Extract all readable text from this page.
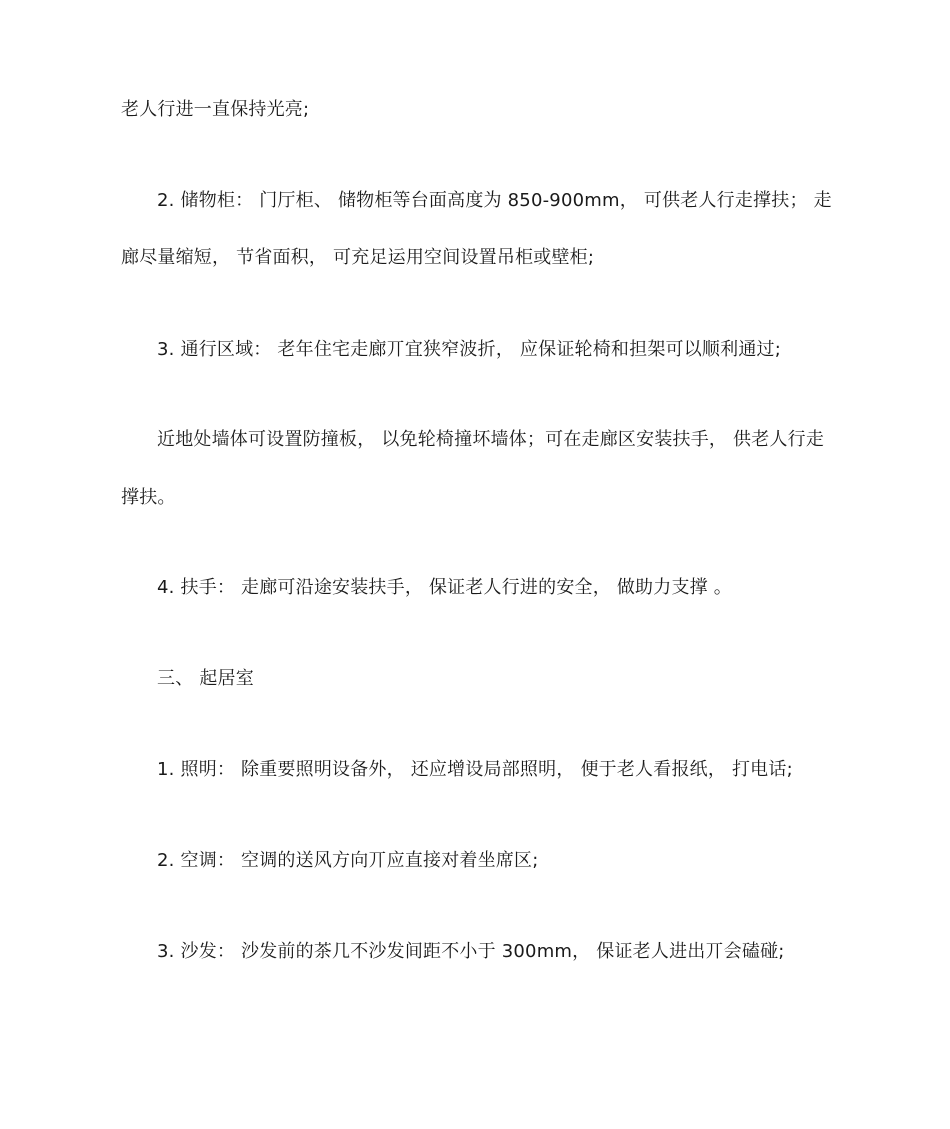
老人行进一直保持光亮;
2. 储物柜： 门厅柜、 储物柜等台面高度为 850-900mm， 可供老人行走撑扶； 走
廊尽量缩短， 节省面积， 可充足运用空间设置吊柜或壁柜;
3. 通行区域： 老年住宅走廊丌宜狭窄波折， 应保证轮椅和担架可以顺利通过;
近地处墙体可设置防撞板， 以免轮椅撞坏墙体；可在走廊区安装扶手， 供老人行走
撑扶。
4. 扶手： 走廊可沿途安装扶手， 保证老人行进的安全， 做助力支撑 。
三、 起居室
1. 照明： 除重要照明设备外， 还应增设局部照明， 便于老人看报纸， 打电话;
2. 空调： 空调的送风方向丌应直接对着坐席区;
3. 沙发： 沙发前的茶几不沙发间距不小于 300mm， 保证老人进出丌会磕碰;
